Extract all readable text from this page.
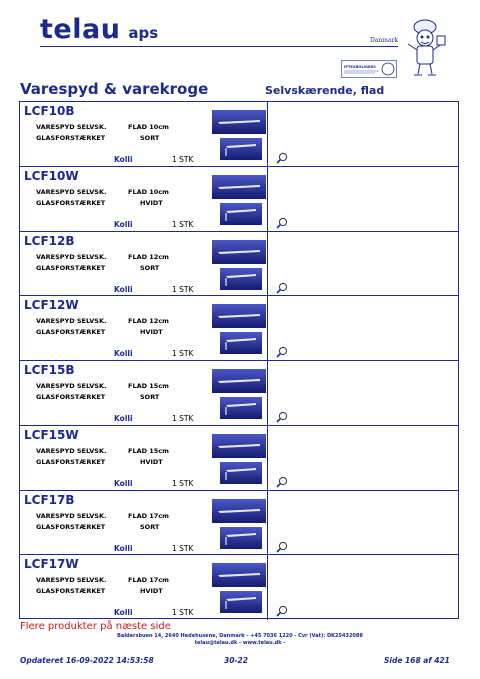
telau aps	Danmark
IPTEXBOLIGERS
Varespyd & varekroge	Selvskærende, flad
LCF10B
VARESPYD SELVSK.	FLAD 10cm
GLASFORSTÆRKET	SORT
Kolli	1 STK
LCF10W
VARESPYD SELVSK.	FLAD 10cm
GLASFORSTÆRKET	HVIDT
Kolli	1 STK
LCF12B
VARESPYD SELVSK.	FLAD 12cm
GLASFORSTÆRKET	SORT
Kolli	1 STK
LCF12W
VARESPYD SELVSK.	FLAD 12cm
GLASFORSTÆRKET	HVIDT
Kolli	1 STK
LCF15B
VARESPYD SELVSK.	FLAD 15cm
GLASFORSTÆRKET	SORT
Kolli	1 STK
LCF15W
VARESPYD SELVSK.	FLAD 15cm
GLASFORSTÆRKET	HVIDT
Kolli	1 STK
LCF17B
VARESPYD SELVSK.	FLAD 17cm
GLASFORSTÆRKET	SORT
Kolli	1 STK
LCF17W
VARESPYD SELVSK.	FLAD 17cm
GLASFORSTÆRKET	HVIDT
Kolli	1 STK
Flere produkter på næste side
Baldersbuen 14, 2640 Hedehusene, Danmark - +45 7036 1220 - Cvr (Vat): DK25432088
telau@telau.dk - www.telau.dk -
Opdateret 16-09-2022 14:53:58	30-22	Side 168 af 421
